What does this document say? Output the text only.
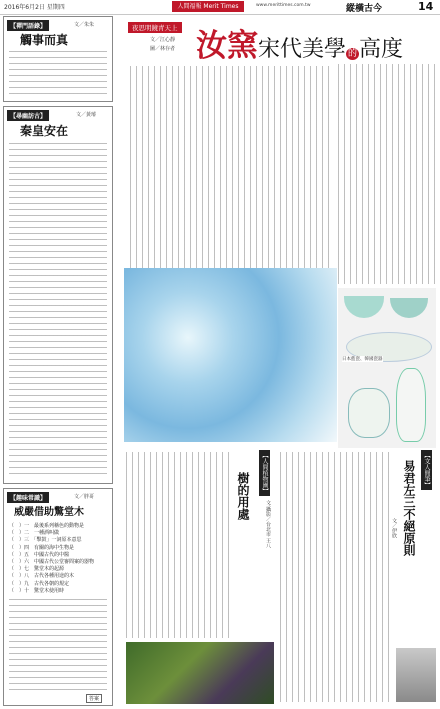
2016年6月2日 星期四	人間福報 Merit Times	www.merittimes.com.tw	縱橫古今	14
【禪門語錄】	文／朱朱
觸事而真
【尋幽訪古】	文／黃璿
秦皇安在
【趣味常識】	文／胖哥
威嚴借助驚堂木
（　）一　最後系列稱色的動物是
（　）二　一種酒叫做
（　）三　「擊鼓」一詞原本意思
（　）四　有關的海中生物是
（　）五　中國古代的中醫
（　）六　中國古代公堂審問案的器物
（　）七　驚堂木的起源
（　）八　古代各種用途的木
（　）九　古代各朝的規定
（　）十　驚堂木使用時
答案
夜思明鏡青天上
文／江心靜
圖／林存者 汝窯宋代美學 的高度
日本藍瓷、韓國瓷器
【人間植物園】
樹的用處
文‧攝影／台北市 王八
【文人閒筆】
易君左三不絕原則
文／伊欣
